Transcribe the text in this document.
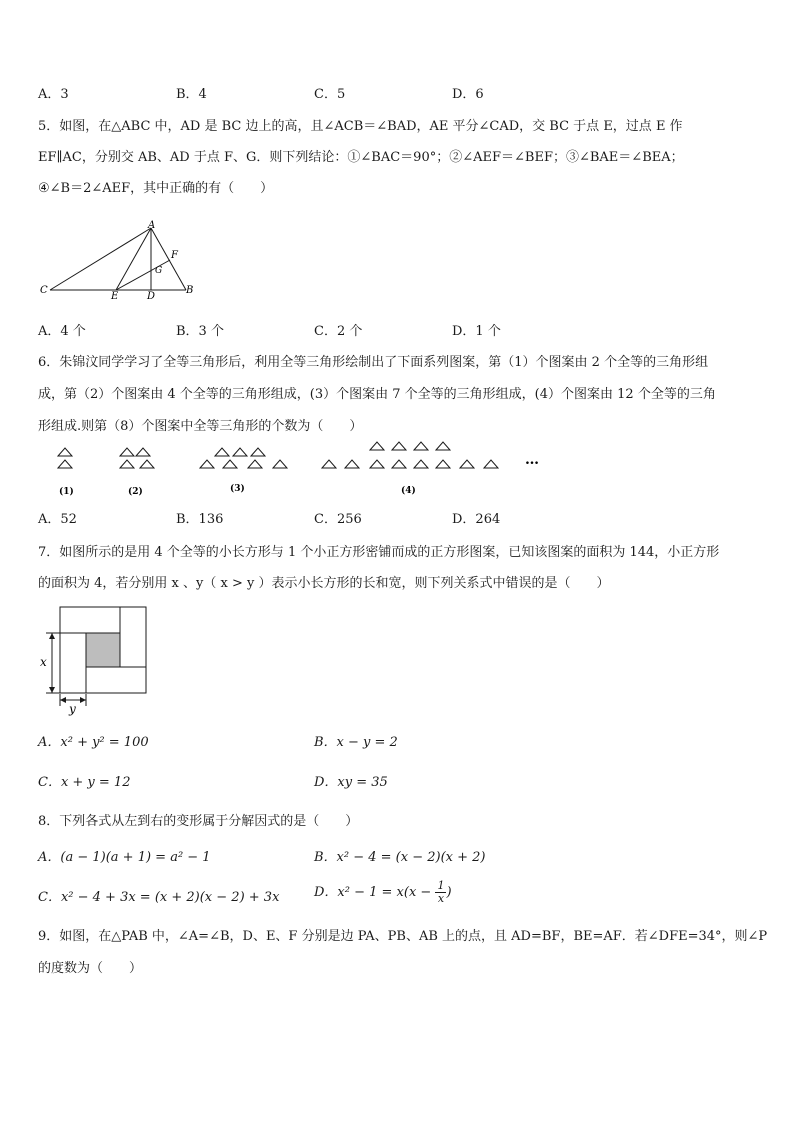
A．3	B．4	C．5	D．6
5．如图，在△ABC 中，AD 是 BC 边上的高，且∠ACB＝∠BAD，AE 平分∠CAD，交 BC 于点 E，过点 E 作
EF∥AC，分别交 AB、AD 于点 F、G．则下列结论：①∠BAC＝90°；②∠AEF＝∠BEF；③∠BAE＝∠BEA；
④∠B＝2∠AEF，其中正确的有（　　）
A
C
E	D
B
F
G
A．4 个	B．3 个	C．2 个	D．1 个
6．朱锦汶同学学习了全等三角形后，利用全等三角形绘制出了下面系列图案，第（1）个图案由 2 个全等的三角形组
成，第（2）个图案由 4 个全等的三角形组成，(3）个图案由 7 个全等的三角形组成，(4）个图案由 12 个全等的三角
形组成.则第（8）个图案中全等三角形的个数为（　　）
…
(1)	(2)	(3)	(4)
A．52	B．136	C．256	D．264
7．如图所示的是用 4 个全等的小长方形与 1 个小正方形密铺而成的正方形图案，已知该图案的面积为 144，小正方形
的面积为 4，若分别用 x 、y（ x > y ）表示小长方形的长和宽，则下列关系式中错误的是（　　）
x
y
A．x² + y² = 100	B．x − y = 2
C．x + y = 12	D．xy = 35
8．下列各式从左到右的变形属于分解因式的是（　　）
A．(a − 1)(a + 1) = a² − 1	B．x² − 4 = (x − 2)(x + 2)
C．x² − 4 + 3x = (x + 2)(x − 2) + 3x	D．$x^2 - 1 = x(x - \frac{1}{x}$ )
9．如图，在△PAB 中，∠A=∠B，D、E、F 分别是边 PA、PB、AB 上的点，且 AD=BF，BE=AF．若∠DFE=34°，则∠P
的度数为（　　）
